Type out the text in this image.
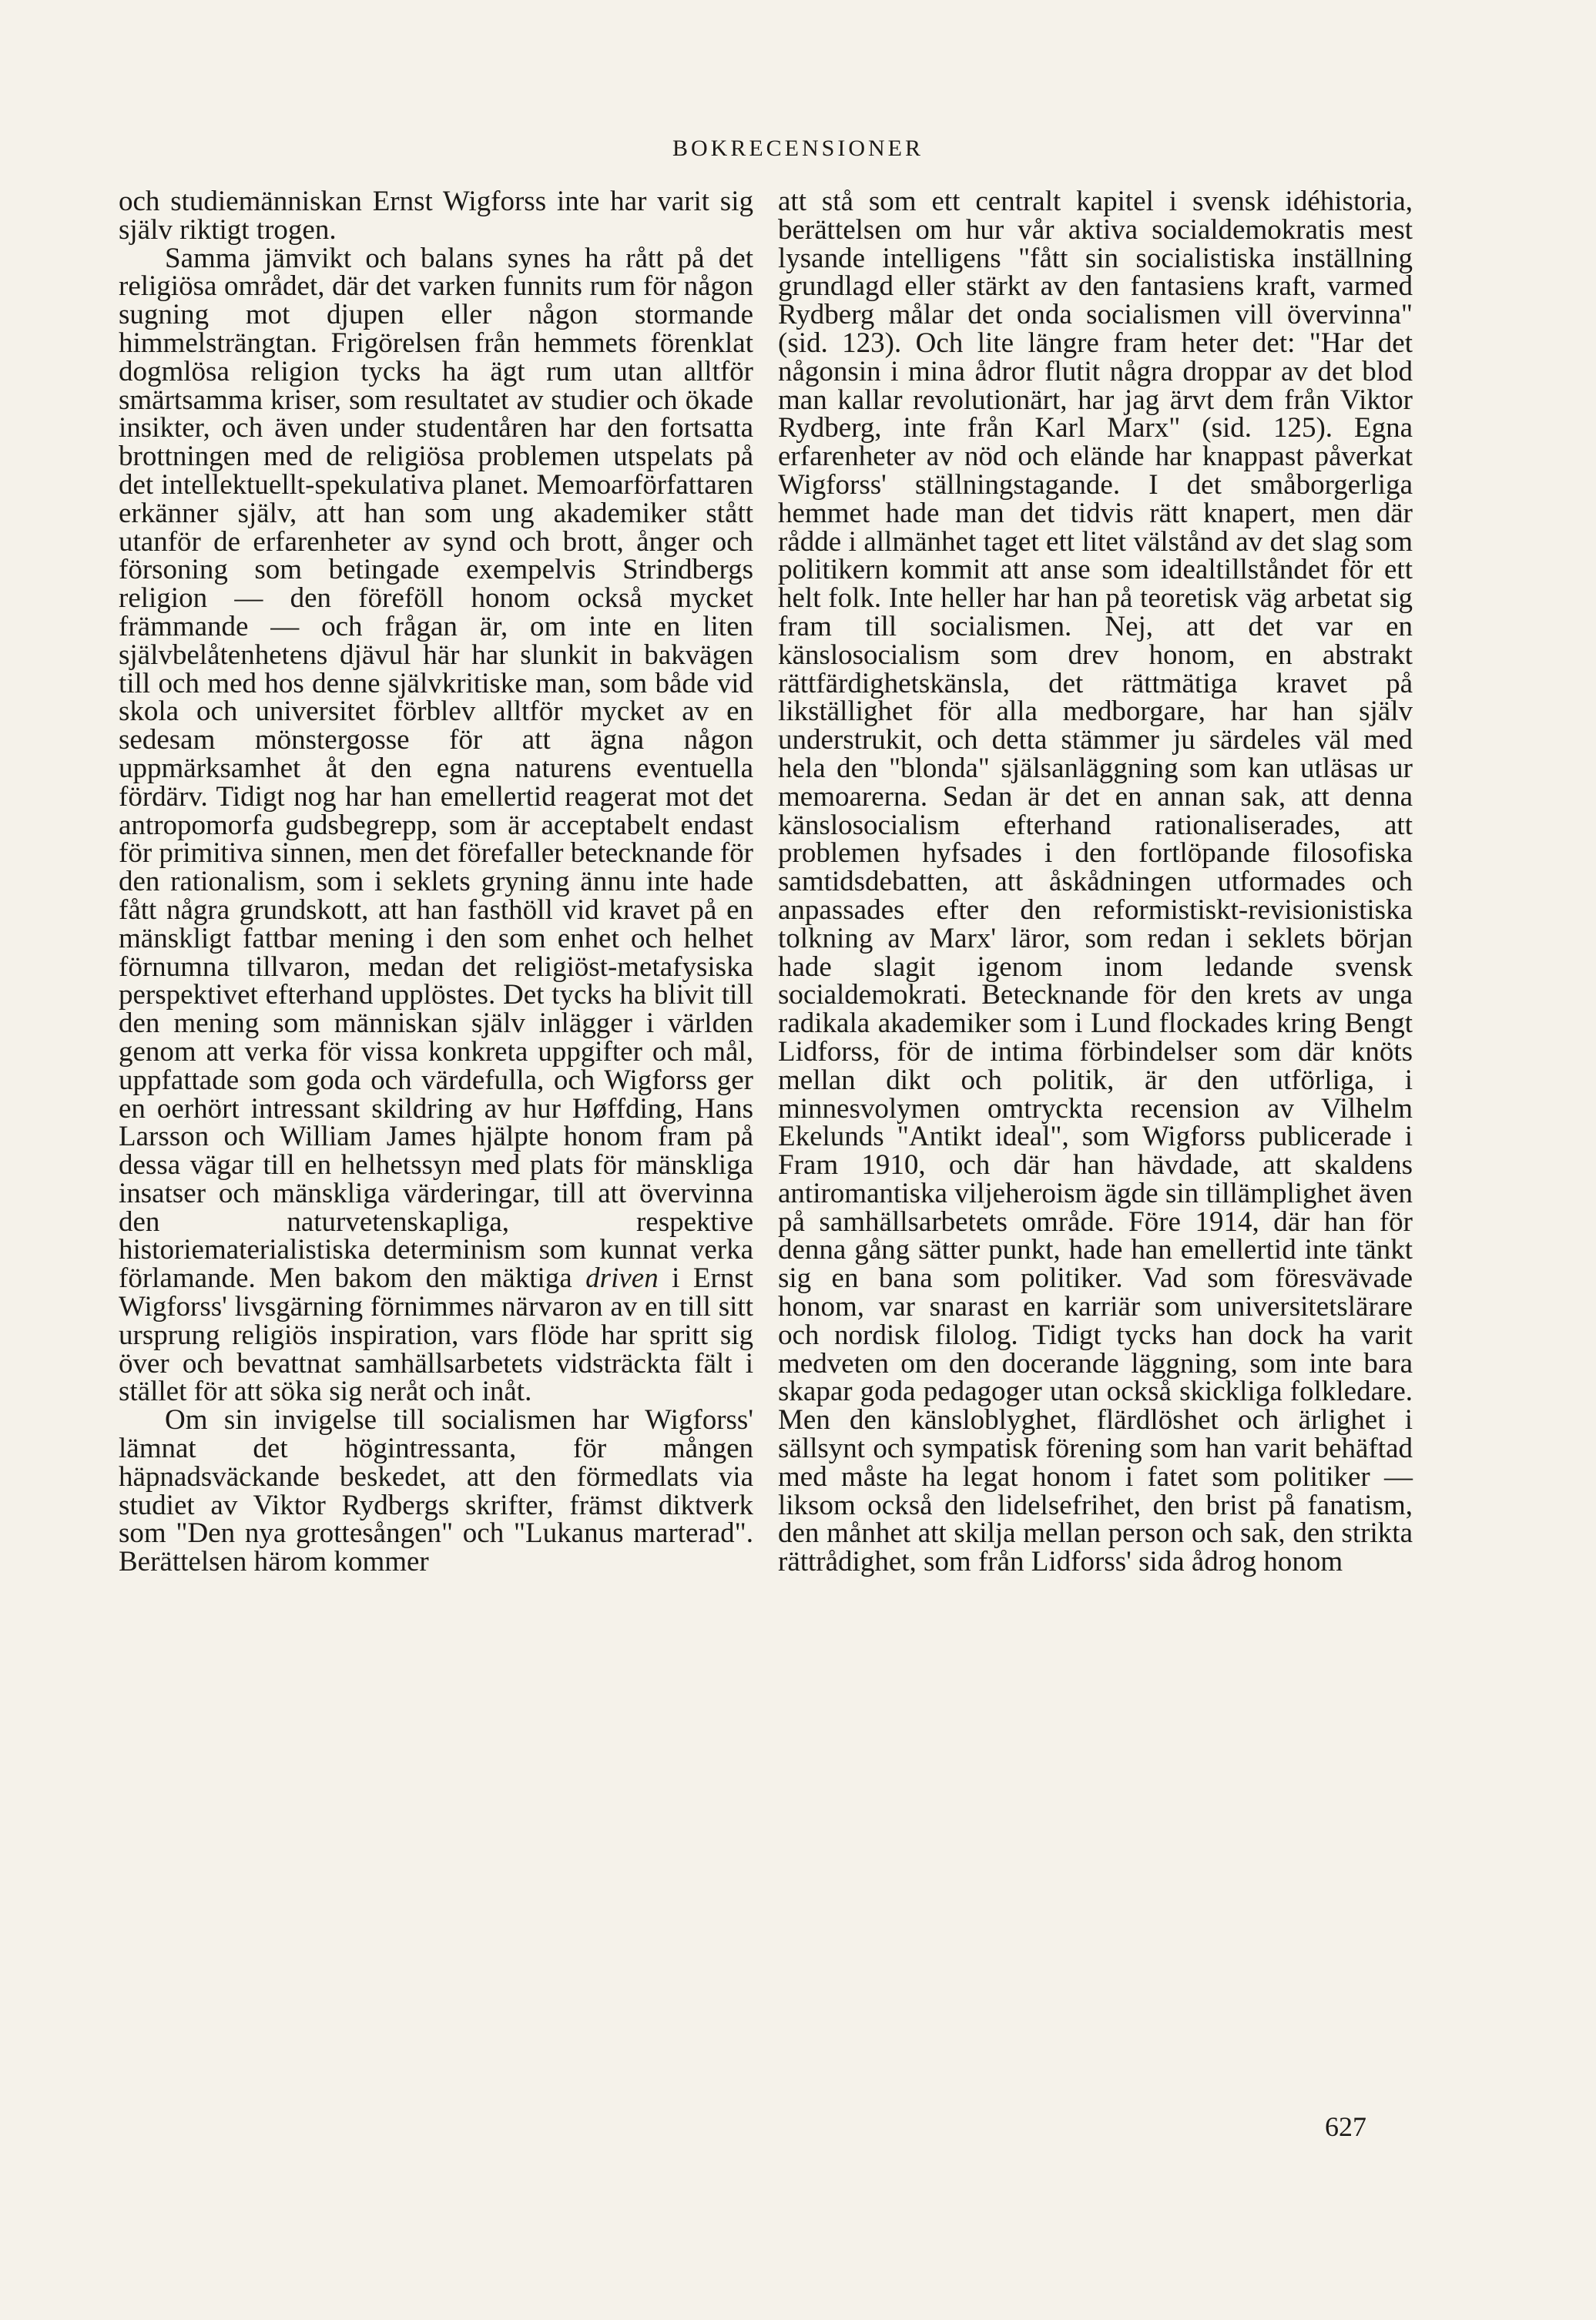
BOKRECENSIONER

och studiemänniskan Ernst Wigforss inte har varit sig själv riktigt trogen.

Samma jämvikt och balans synes ha rått på det religiösa området, där det varken funnits rum för någon sugning mot djupen eller någon stormande himmelsträngtan. Frigörelsen från hemmets förenklat dogmlösa religion tycks ha ägt rum utan alltför smärtsamma kriser, som resultatet av studier och ökade insikter, och även under studentåren har den fortsatta brottningen med de religiösa problemen utspelats på det intellektuellt-spekulativa planet. Memoarförfattaren erkänner själv, att han som ung akademiker stått utanför de erfarenheter av synd och brott, ånger och försoning som betingade exempelvis Strindbergs religion — den föreföll honom också mycket främmande — och frågan är, om inte en liten självbelåtenhetens djävul här har slunkit in bakvägen till och med hos denne självkritiske man, som både vid skola och universitet förblev alltför mycket av en sedesam mönstergosse för att ägna någon uppmärksamhet åt den egna naturens eventuella fördärv. Tidigt nog har han emellertid reagerat mot det antropomorfa gudsbegrepp, som är acceptabelt endast för primitiva sinnen, men det förefaller betecknande för den rationalism, som i seklets gryning ännu inte hade fått några grundskott, att han fasthöll vid kravet på en mänskligt fattbar mening i den som enhet och helhet förnumna tillvaron, medan det religiöst-metafysiska perspektivet efterhand upplöstes. Det tycks ha blivit till den mening som människan själv inlägger i världen genom att verka för vissa konkreta uppgifter och mål, uppfattade som goda och värdefulla, och Wigforss ger en oerhört intressant skildring av hur Høffding, Hans Larsson och William James hjälpte honom fram på dessa vägar till en helhetssyn med plats för mänskliga insatser och mänskliga värderingar, till att övervinna den naturvetenskapliga, respektive historiematerialistiska determinism som kunnat verka förlamande. Men bakom den mäktiga driven i Ernst Wigforss' livsgärning förnimmes närvaron av en till sitt ursprung religiös inspiration, vars flöde har spritt sig över och bevattnat samhällsarbetets vidsträckta fält i stället för att söka sig neråt och inåt.

Om sin invigelse till socialismen har Wigforss' lämnat det högintressanta, för mången häpnadsväckande beskedet, att den förmedlats via studiet av Viktor Rydbergs skrifter, främst diktverk som "Den nya grottesången" och "Lukanus marterad". Berättelsen härom kommer

att stå som ett centralt kapitel i svensk idéhistoria, berättelsen om hur vår aktiva socialdemokratis mest lysande intelligens "fått sin socialistiska inställning grundlagd eller stärkt av den fantasiens kraft, varmed Rydberg målar det onda socialismen vill övervinna" (sid. 123). Och lite längre fram heter det: "Har det någonsin i mina ådror flutit några droppar av det blod man kallar revolutionärt, har jag ärvt dem från Viktor Rydberg, inte från Karl Marx" (sid. 125). Egna erfarenheter av nöd och elände har knappast påverkat Wigforss' ställningstagande. I det småborgerliga hemmet hade man det tidvis rätt knapert, men där rådde i allmänhet taget ett litet välstånd av det slag som politikern kommit att anse som idealtillståndet för ett helt folk. Inte heller har han på teoretisk väg arbetat sig fram till socialismen. Nej, att det var en känslosocialism som drev honom, en abstrakt rättfärdighetskänsla, det rättmätiga kravet på likställighet för alla medborgare, har han själv understrukit, och detta stämmer ju särdeles väl med hela den "blonda" själsanläggning som kan utläsas ur memoarerna. Sedan är det en annan sak, att denna känslosocialism efterhand rationaliserades, att problemen hyfsades i den fortlöpande filosofiska samtidsdebatten, att åskådningen utformades och anpassades efter den reformistiskt-revisionistiska tolkning av Marx' läror, som redan i seklets början hade slagit igenom inom ledande svensk socialdemokrati. Betecknande för den krets av unga radikala akademiker som i Lund flockades kring Bengt Lidforss, för de intima förbindelser som där knöts mellan dikt och politik, är den utförliga, i minnesvolymen omtryckta recension av Vilhelm Ekelunds "Antikt ideal", som Wigforss publicerade i Fram 1910, och där han hävdade, att skaldens antiromantiska viljeheroism ägde sin tillämplighet även på samhällsarbetets område. Före 1914, där han för denna gång sätter punkt, hade han emellertid inte tänkt sig en bana som politiker. Vad som föresvävade honom, var snarast en karriär som universitetslärare och nordisk filolog. Tidigt tycks han dock ha varit medveten om den docerande läggning, som inte bara skapar goda pedagoger utan också skickliga folkledare. Men den känsloblyghet, flärdlöshet och ärlighet i sällsynt och sympatisk förening som han varit behäftad med måste ha legat honom i fatet som politiker — liksom också den lidelsefrihet, den brist på fanatism, den månhet att skilja mellan person och sak, den strikta rättrådighet, som från Lidforss' sida ådrog honom

627
